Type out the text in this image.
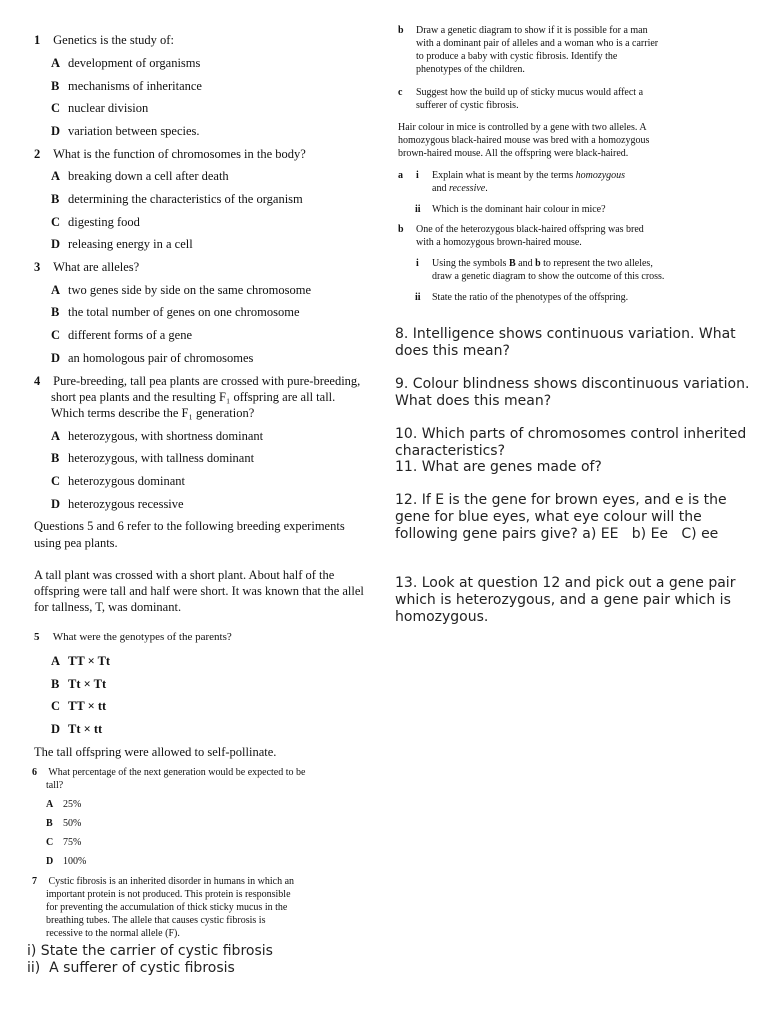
1 Genetics is the study of:
A development of organisms
B mechanisms of inheritance
C nuclear division
D variation between species.
2 What is the function of chromosomes in the body?
A breaking down a cell after death
B determining the characteristics of the organism
C digesting food
D releasing energy in a cell
3 What are alleles?
A two genes side by side on the same chromosome
B the total number of genes on one chromosome
C different forms of a gene
D an homologous pair of chromosomes
4 Pure-breeding, tall pea plants are crossed with pure-breeding,
short pea plants and the resulting F₁ offspring are all tall.
Which terms describe the F₁ generation?
A heterozygous, with shortness dominant
B heterozygous, with tallness dominant
C heterozygous dominant
D heterozygous recessive
Questions 5 and 6 refer to the following breeding experiments
using pea plants.
A tall plant was crossed with a short plant. About half of the
offspring were tall and half were short. It was known that the allel
for tallness, T, was dominant.
5 What were the genotypes of the parents?
A TT × Tt
B Tt × Tt
C TT × tt
D Tt × tt
The tall offspring were allowed to self-pollinate.
6 What percentage of the next generation would be expected to be
tall?
A 25%
B 50%
C 75%
D 100%
7 Cystic fibrosis is an inherited disorder in humans in which an
important protein is not produced. This protein is responsible
for preventing the accumulation of thick sticky mucus in the
breathing tubes. The allele that causes cystic fibrosis is
recessive to the normal allele (F).
i) State the carrier of cystic fibrosis
ii)  A sufferer of cystic fibrosis
b Draw a genetic diagram to show if it is possible for a man
with a dominant pair of alleles and a woman who is a carrier
to produce a baby with cystic fibrosis. Identify the
phenotypes of the children.
c Suggest how the build up of sticky mucus would affect a
sufferer of cystic fibrosis.
Hair colour in mice is controlled by a gene with two alleles. A
homozygous black-haired mouse was bred with a homozygous
brown-haired mouse. All the offspring were black-haired.
a i Explain what is meant by the terms homozygous
and recessive.
ii Which is the dominant hair colour in mice?
b One of the heterozygous black-haired offspring was bred
with a homozygous brown-haired mouse.
i Using the symbols B and b to represent the two alleles,
draw a genetic diagram to show the outcome of this cross.
ii State the ratio of the phenotypes of the offspring.
8. Intelligence shows continuous variation. What does this mean?
9. Colour blindness shows discontinuous variation. What does this mean?
10. Which parts of chromosomes control inherited characteristics?
11. What are genes made of?
12. If E is the gene for brown eyes, and e is the gene for blue eyes, what eye colour will the following gene pairs give? a) EE   b) Ee   C) ee
13. Look at question 12 and pick out a gene pair which is heterozygous, and a gene pair which is homozygous.
